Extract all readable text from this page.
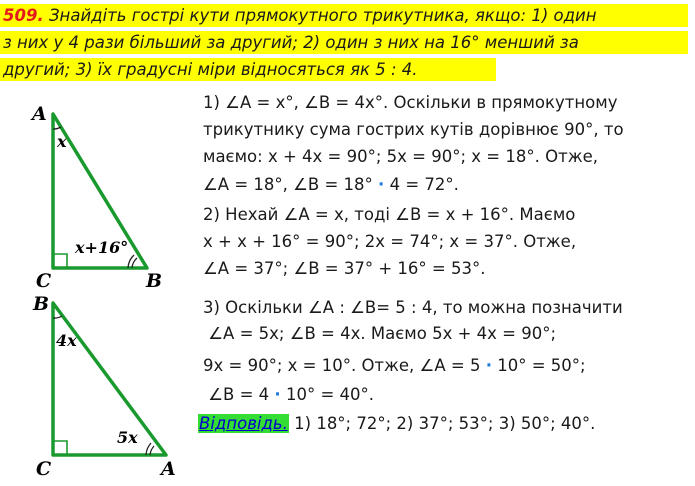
509. Знайдіть гострі кути прямокутного трикутника, якщо: 1) один
з них у 4 рази більший за другий; 2) один з них на 16° менший за
другий; 3) їх градусні міри відносяться як 5 : 4.
A
C	B
x
x+16°
B
C	A
4x
5x
1) ∠A = x°, ∠B = 4x°. Оскільки в прямокутному
трикутнику сума гострих кутів дорівнює 90°, то
маємо: x + 4x = 90°; 5x = 90°; x = 18°. Отже,
∠A = 18°, ∠B = 18° · 4 = 72°.
2) Нехай ∠A = x, тоді ∠B = x + 16°. Маємо
x + x + 16° = 90°; 2x = 74°; x = 37°. Отже,
∠A = 37°; ∠B = 37° + 16° = 53°.
3) Оскільки ∠A : ∠B= 5 : 4, то можна позначити
∠A = 5x; ∠B = 4x. Маємо 5x + 4x = 90°;
9x = 90°; x = 10°. Отже, ∠A = 5 · 10° = 50°;
∠B = 4 · 10° = 40°.
Відповідь. 1) 18°; 72°; 2) 37°; 53°; 3) 50°; 40°.
